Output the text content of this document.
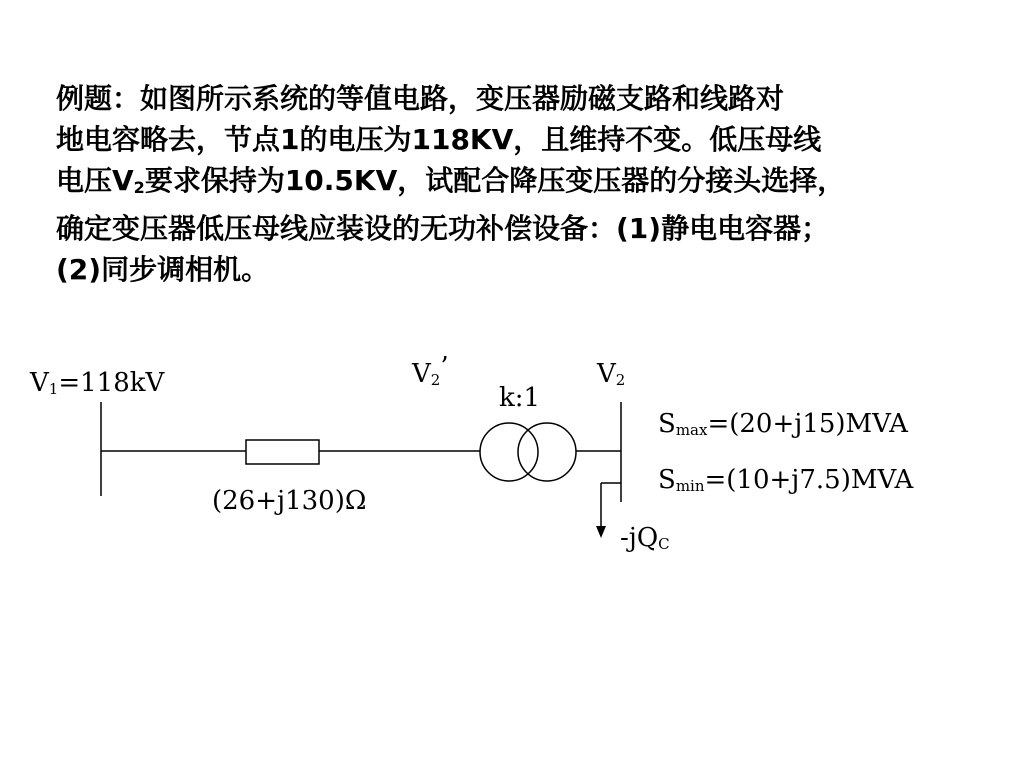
例题：如图所示系统的等值电路，变压器励磁支路和线路对
地电容略去，节点1的电压为118KV，且维持不变。低压母线
电压V2要求保持为10.5KV，试配合降压变压器的分接头选择，
确定变压器低压母线应装设的无功补偿设备：(1)静电电容器；
(2)同步调相机。
V1=118kV	V2’	V2
k:1
(26+j130)Ω
Smax=(20+j15)MVA
Smin=(10+j7.5)MVA
-jQC
